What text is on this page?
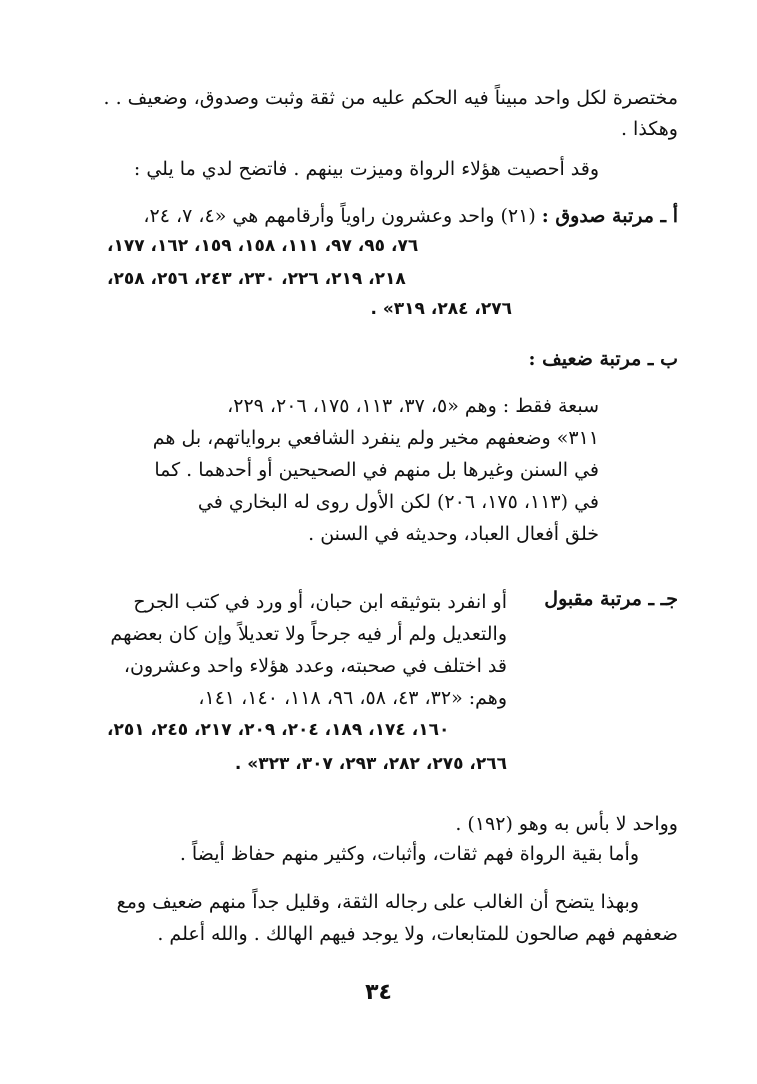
مختصرة لكل واحد مبيناً فيه الحكم عليه من ثقة وثبت وصدوق، وضعيف . .
وهكذا .
وقد أحصيت هؤلاء الرواة وميزت بينهم . فاتضح لدي ما يلي :
أ ـ مرتبة صدوق : (٢١) واحد وعشرون راوياً وأرقامهم هي «٤، ٧، ٢٤،
٧٦، ٩٥، ٩٧، ١١١، ١٥٨، ١٥٩، ١٦٢، ١٧٧،
٢١٨، ٢١٩، ٢٢٦، ٢٣٠، ٢٤٣، ٢٥٦، ٢٥٨،
٢٧٦، ٢٨٤، ٣١٩» .
ب ـ مرتبة ضعيف :
سبعة فقط : وهم «٥، ٣٧، ١١٣، ١٧٥، ٢٠٦، ٢٢٩،
٣١١» وضعفهم مخير ولم ينفرد الشافعي برواياتهم، بل هم
في السنن وغيرها بل منهم في الصحيحين أو أحدهما . كما
في (١١٣، ١٧٥، ٢٠٦) لكن الأول روى له البخاري في
خلق أفعال العباد، وحديثه في السنن .
جـ ـ مرتبة مقبول
أو انفرد بتوثيقه ابن حبان، أو ورد في كتب الجرح
والتعديل ولم أر فيه جرحاً ولا تعديلاً وإن كان بعضهم
قد اختلف في صحبته، وعدد هؤلاء واحد وعشرون،
وهم: «٣٢، ٤٣، ٥٨، ٩٦، ١١٨، ١٤٠، ١٤١،
١٦٠، ١٧٤، ١٨٩، ٢٠٤، ٢٠٩، ٢١٧، ٢٤٥، ٢٥١،
٢٦٦، ٢٧٥، ٢٨٢، ٢٩٣، ٣٠٧، ٣٢٣» .
وواحد لا بأس به وهو (١٩٢) .
وأما بقية الرواة فهم ثقات، وأثبات، وكثير منهم حفاظ أيضاً .
وبهذا يتضح أن الغالب على رجاله الثقة، وقليل جداً منهم ضعيف ومع
ضعفهم فهم صالحون للمتابعات، ولا يوجد فيهم الهالك . والله أعلم .
٣٤
